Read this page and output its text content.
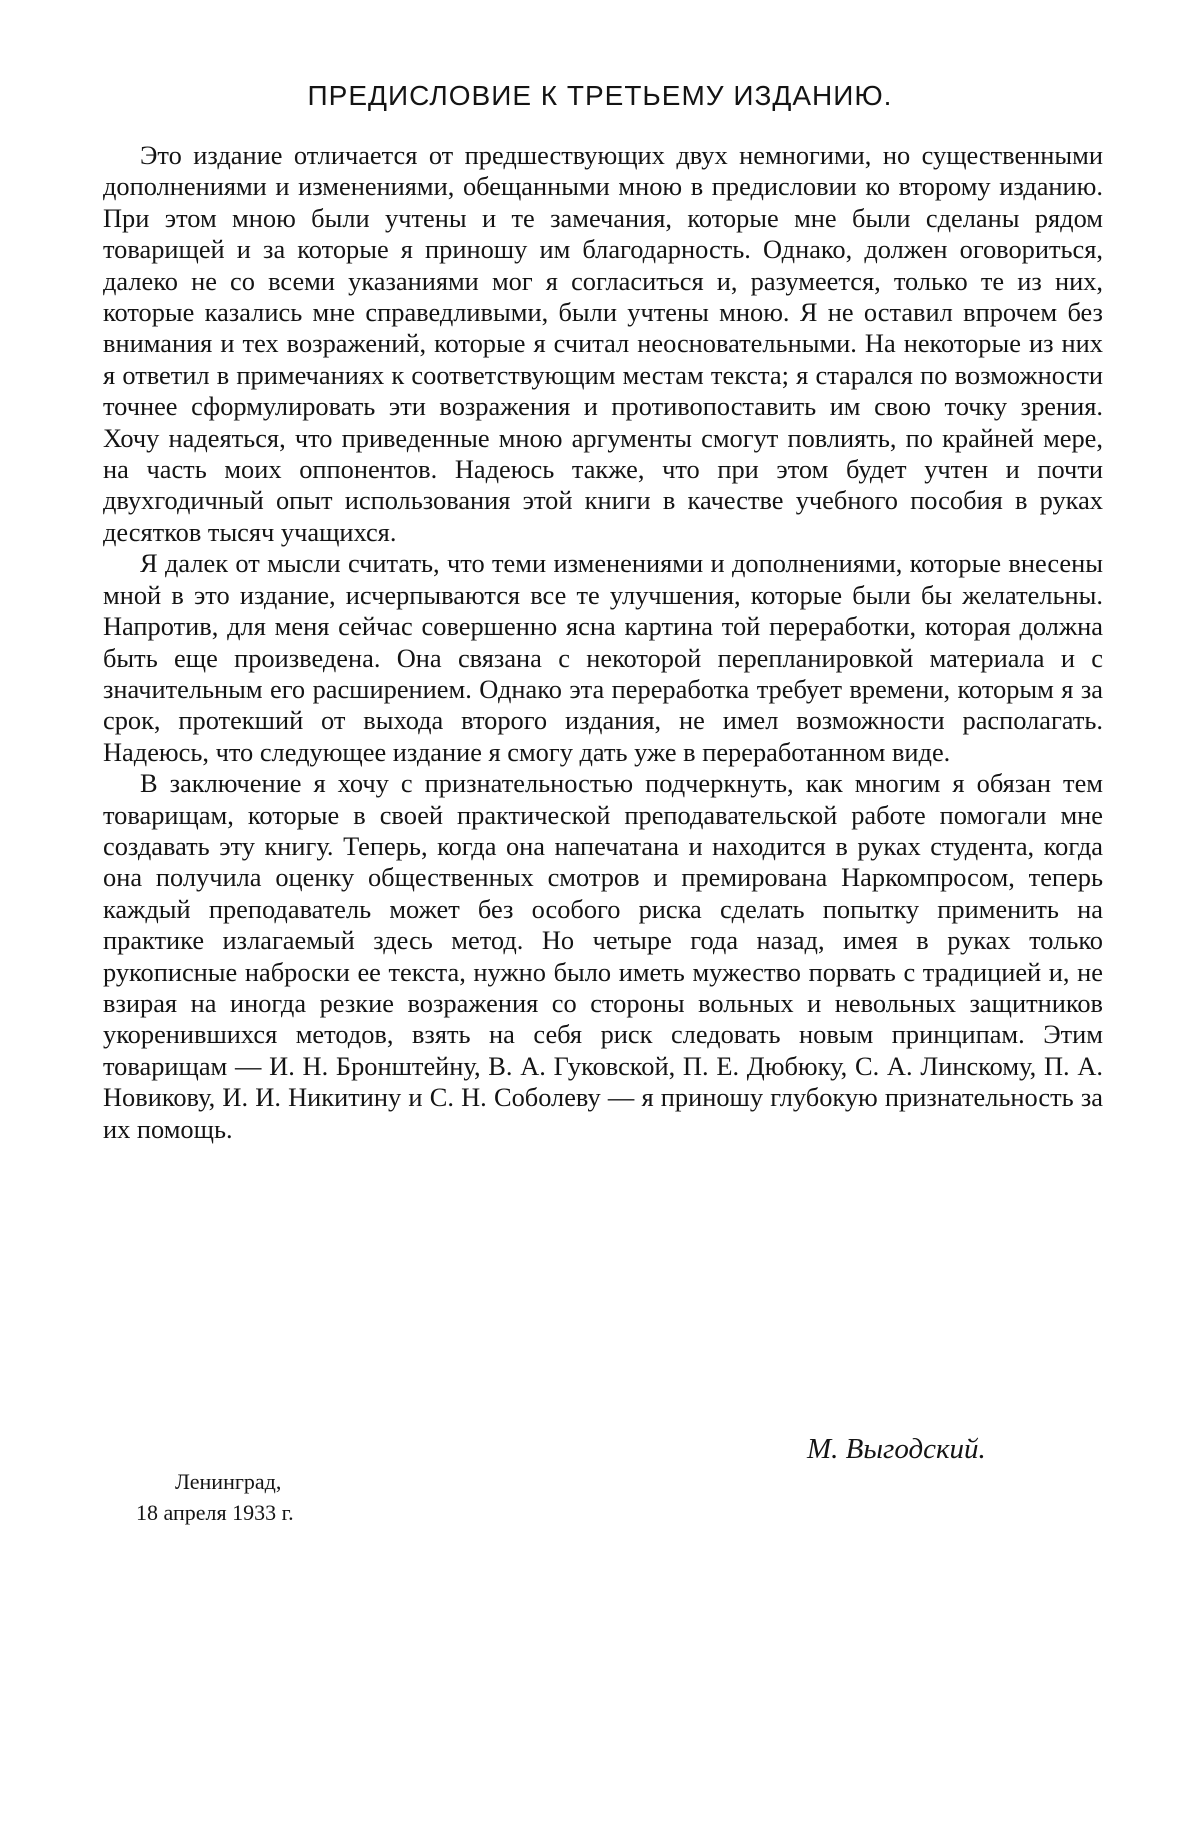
ПРЕДИСЛОВИЕ К ТРЕТЬЕМУ ИЗДАНИЮ.

Это издание отличается от предшествующих двух немногими, но существенными дополнениями и изменениями, обещанными мною в предисловии ко второму изданию. При этом мною были учтены и те замечания, которые мне были сделаны рядом товарищей и за которые я приношу им благодарность. Однако, должен оговориться, далеко не со всеми указаниями мог я согласиться и, разумеется, только те из них, которые казались мне справедливыми, были учтены мною. Я не оставил впрочем без внимания и тех возражений, которые я считал неосновательными. На некоторые из них я ответил в примечаниях к соответствующим местам текста; я старался по возможности точнее сформулировать эти возражения и противопоставить им свою точку зрения. Хочу надеяться, что приведенные мною аргументы смогут повлиять, по крайней мере, на часть моих оппонентов. Надеюсь также, что при этом будет учтен и почти двухгодичный опыт использования этой книги в качестве учебного пособия в руках десятков тысяч учащихся.

Я далек от мысли считать, что теми изменениями и дополнениями, которые внесены мной в это издание, исчерпываются все те улучшения, которые были бы желательны. Напротив, для меня сейчас совершенно ясна картина той переработки, которая должна быть еще произведена. Она связана с некоторой перепланировкой материала и с значительным его расширением. Однако эта переработка требует времени, которым я за срок, протекший от выхода второго издания, не имел возможности располагать. Надеюсь, что следующее издание я смогу дать уже в переработанном виде.

В заключение я хочу с признательностью подчеркнуть, как многим я обязан тем товарищам, которые в своей практической преподавательской работе помогали мне создавать эту книгу. Теперь, когда она напечатана и находится в руках студента, когда она получила оценку общественных смотров и премирована Наркомпросом, теперь каждый преподаватель может без особого риска сделать попытку применить на практике излагаемый здесь метод. Но четыре года назад, имея в руках только рукописные наброски ее текста, нужно было иметь мужество порвать с традицией и, не взирая на иногда резкие возражения со стороны вольных и невольных защитников укоренившихся методов, взять на себя риск следовать новым принципам. Этим товарищам — И. Н. Бронштейну, В. А. Гуковской, П. Е. Дюбюку, С. А. Линскому, П. А. Новикову, И. И. Никитину и С. Н. Соболеву — я приношу глубокую признательность за их помощь.

М. Выгодский.

Ленинград,

18 апреля 1933 г.
